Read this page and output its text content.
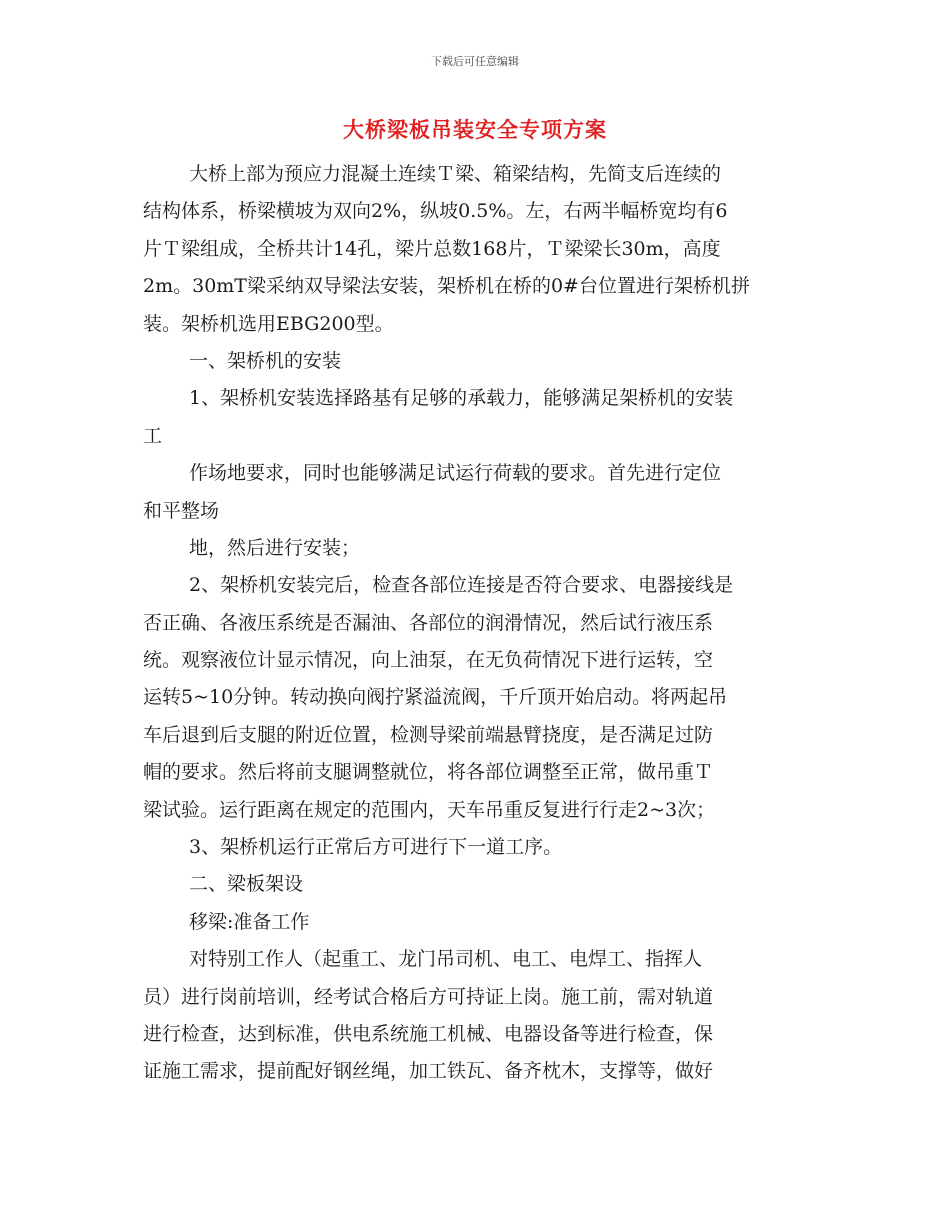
下载后可任意编辑
大桥梁板吊装安全专项方案
大桥上部为预应力混凝土连续Ｔ梁、箱梁结构，先简支后连续的
结构体系，桥梁横坡为双向2%，纵坡0.5%。左，右两半幅桥宽均有6
片Ｔ梁组成，全桥共计14孔，梁片总数168片，Ｔ梁梁长30m，高度
2m。30mT梁采纳双导梁法安装，架桥机在桥的0#台位置进行架桥机拼
装。架桥机选用EBG200型。
一、架桥机的安装
1、架桥机安装选择路基有足够的承载力，能够满足架桥机的安装
工
作场地要求，同时也能够满足试运行荷载的要求。首先进行定位
和平整场
地，然后进行安装；
2、架桥机安装完后，检查各部位连接是否符合要求、电器接线是
否正确、各液压系统是否漏油、各部位的润滑情况，然后试行液压系
统。观察液位计显示情况，向上油泵，在无负荷情况下进行运转，空
运转5~10分钟。转动换向阀拧紧溢流阀，千斤顶开始启动。将两起吊
车后退到后支腿的附近位置，检测导梁前端悬臂挠度，是否满足过防
帽的要求。然后将前支腿调整就位，将各部位调整至正常，做吊重Ｔ
梁试验。运行距离在规定的范围内，天车吊重反复进行行走2~3次；
3、架桥机运行正常后方可进行下一道工序。
二、梁板架设
移梁:准备工作
对特别工作人（起重工、龙门吊司机、电工、电焊工、指挥人
员）进行岗前培训，经考试合格后方可持证上岗。施工前，需对轨道
进行检查，达到标准，供电系统施工机械、电器设备等进行检查，保
证施工需求，提前配好钢丝绳，加工铁瓦、备齐枕木，支撑等，做好
